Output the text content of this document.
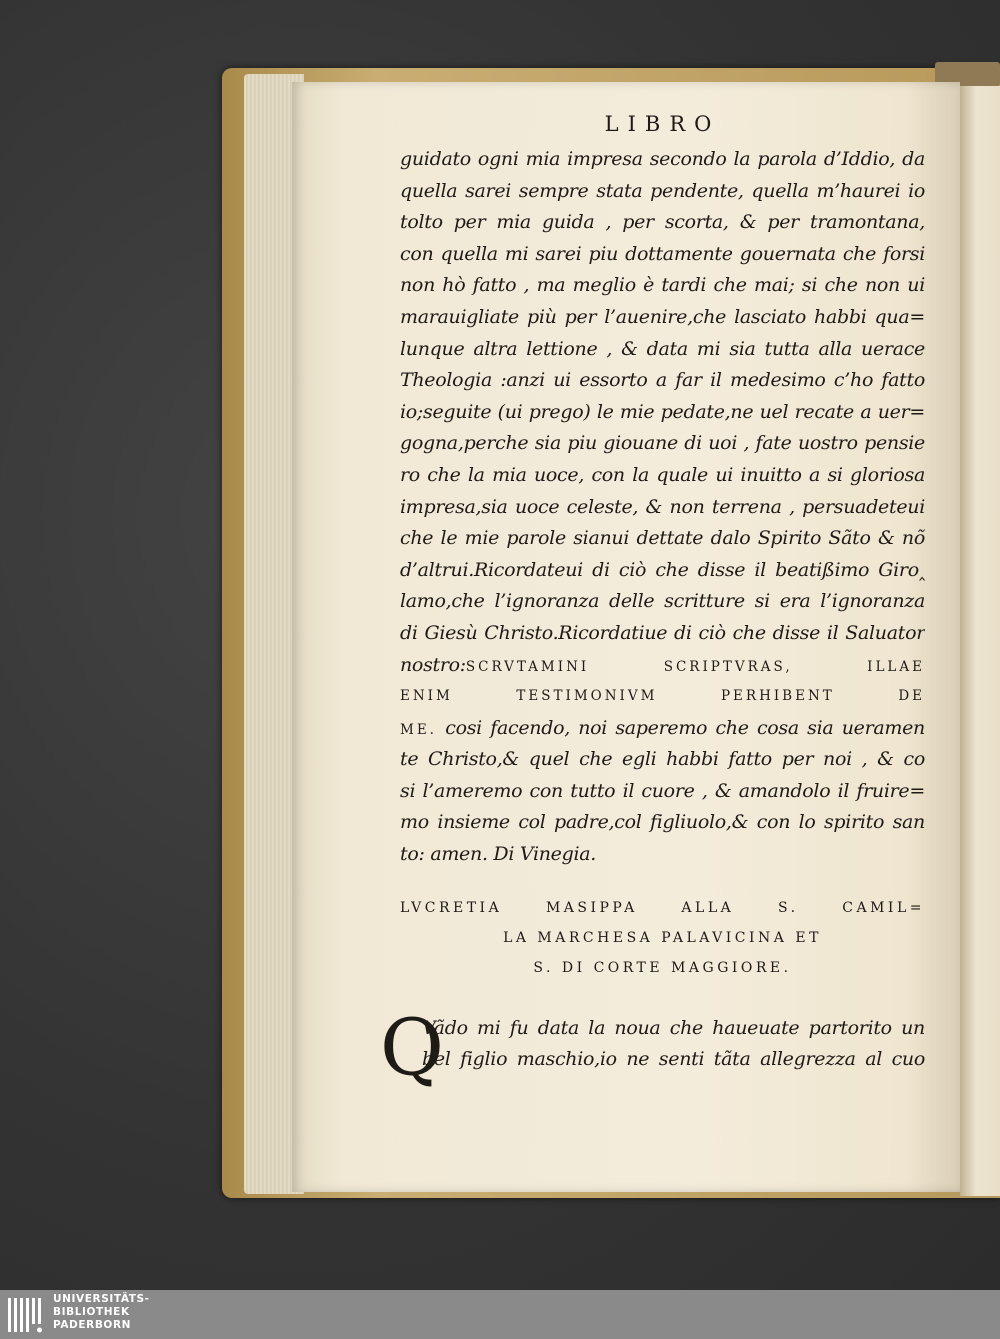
LIBRO
guidato ogni mia impresa secondo la parola d’Iddio, da
quella sarei sempre stata pendente, quella m’haurei io
tolto per mia guida , per scorta, & per tramontana,
con quella mi sarei piu dottamente gouernata che forsi
non hò fatto , ma meglio è tardi che mai; si che non ui
marauigliate più per l’auenire,che lasciato habbi qua=
lunque altra lettione , & data mi sia tutta alla uerace
Theologia :anzi ui essorto a far il medesimo c’ho fatto
io;seguite (ui prego) le mie pedate,ne uel recate a uer=
gogna,perche sia piu giouane di uoi , fate uostro pensie
ro che la mia uoce, con la quale ui inuitto a si gloriosa
impresa,sia uoce celeste, & non terrena , persuadeteui
che le mie parole sianui dettate dalo Spirito Sãto & nõ
d’altrui.Ricordateui di ciò che disse il beatißimo Giro‸
lamo,che l’ignoranza delle scritture si era l’ignoranza
di Giesù Christo.Ricordatiue di ciò che disse il Saluator
nostro:SCRVTAMINI SCRIPTVRAS, ILLAE
ENIM TESTIMONIVM PERHIBENT DE
ME. cosi facendo, noi saperemo che cosa sia ueramen
te Christo,& quel che egli habbi fatto per noi , & co
si l’ameremo con tutto il cuore , & amandolo il fruire=
mo insieme col padre,col figliuolo,& con lo spirito san
to: amen. Di Vinegia.
LVCRETIA MASIPPA ALLA S. CAMIL=
LA MARCHESA PALAVICINA ET
S. DI CORTE MAGGIORE.
Q
Vãdo mi fu data la noua che haueuate partorito un
bel figlio maschio,io ne senti tãta allegrezza al cuo
UNIVERSITÄTS-
BIBLIOTHEK
PADERBORN
